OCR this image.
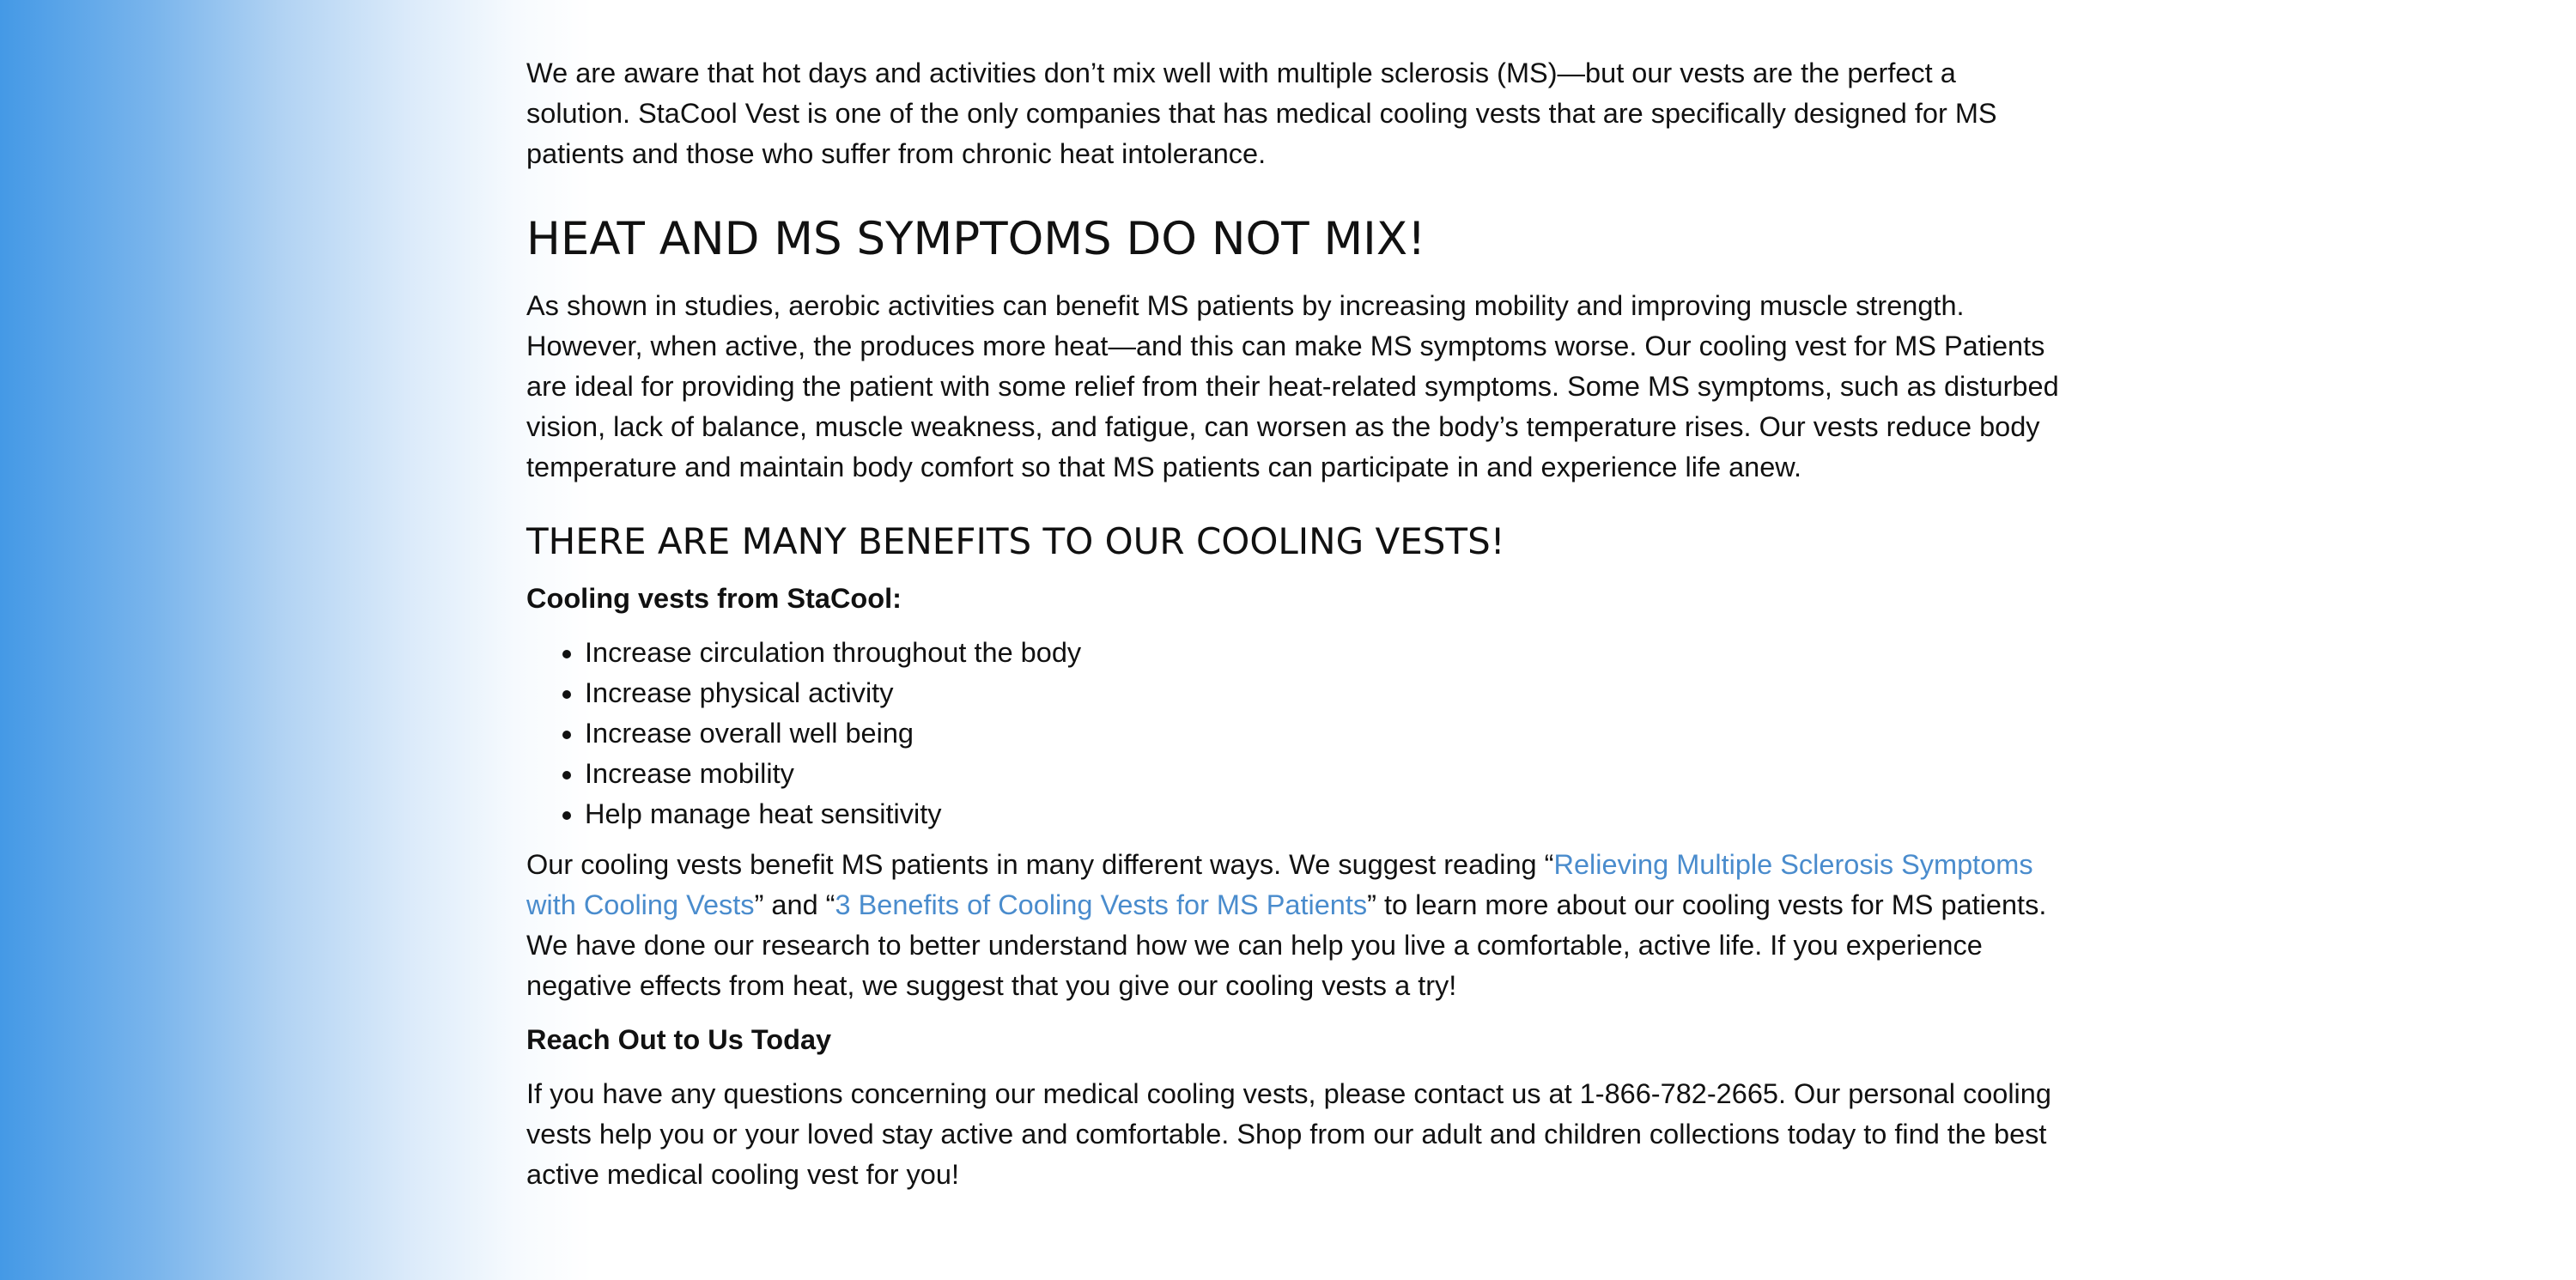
We are aware that hot days and activities don’t mix well with multiple sclerosis (MS)—but our vests are the perfect a solution. StaCool Vest is one of the only companies that has medical cooling vests that are specifically designed for MS patients and those who suffer from chronic heat intolerance.

HEAT AND MS SYMPTOMS DO NOT MIX!

As shown in studies, aerobic activities can benefit MS patients by increasing mobility and improving muscle strength. However, when active, the produces more heat—and this can make MS symptoms worse. Our cooling vest for MS Patients are ideal for providing the patient with some relief from their heat-related symptoms. Some MS symptoms, such as disturbed vision, lack of balance, muscle weakness, and fatigue, can worsen as the body’s temperature rises. Our vests reduce body temperature and maintain body comfort so that MS patients can participate in and experience life anew.

THERE ARE MANY BENEFITS TO OUR COOLING VESTS!

Cooling vests from StaCool:

• Increase circulation throughout the body
• Increase physical activity
• Increase overall well being
• Increase mobility
• Help manage heat sensitivity

Our cooling vests benefit MS patients in many different ways. We suggest reading “Relieving Multiple Sclerosis Symptoms with Cooling Vests” and “3 Benefits of Cooling Vests for MS Patients” to learn more about our cooling vests for MS patients. We have done our research to better understand how we can help you live a comfortable, active life. If you experience negative effects from heat, we suggest that you give our cooling vests a try!

Reach Out to Us Today

If you have any questions concerning our medical cooling vests, please contact us at 1-866-782-2665. Our personal cooling vests help you or your loved stay active and comfortable. Shop from our adult and children collections today to find the best active medical cooling vest for you!
